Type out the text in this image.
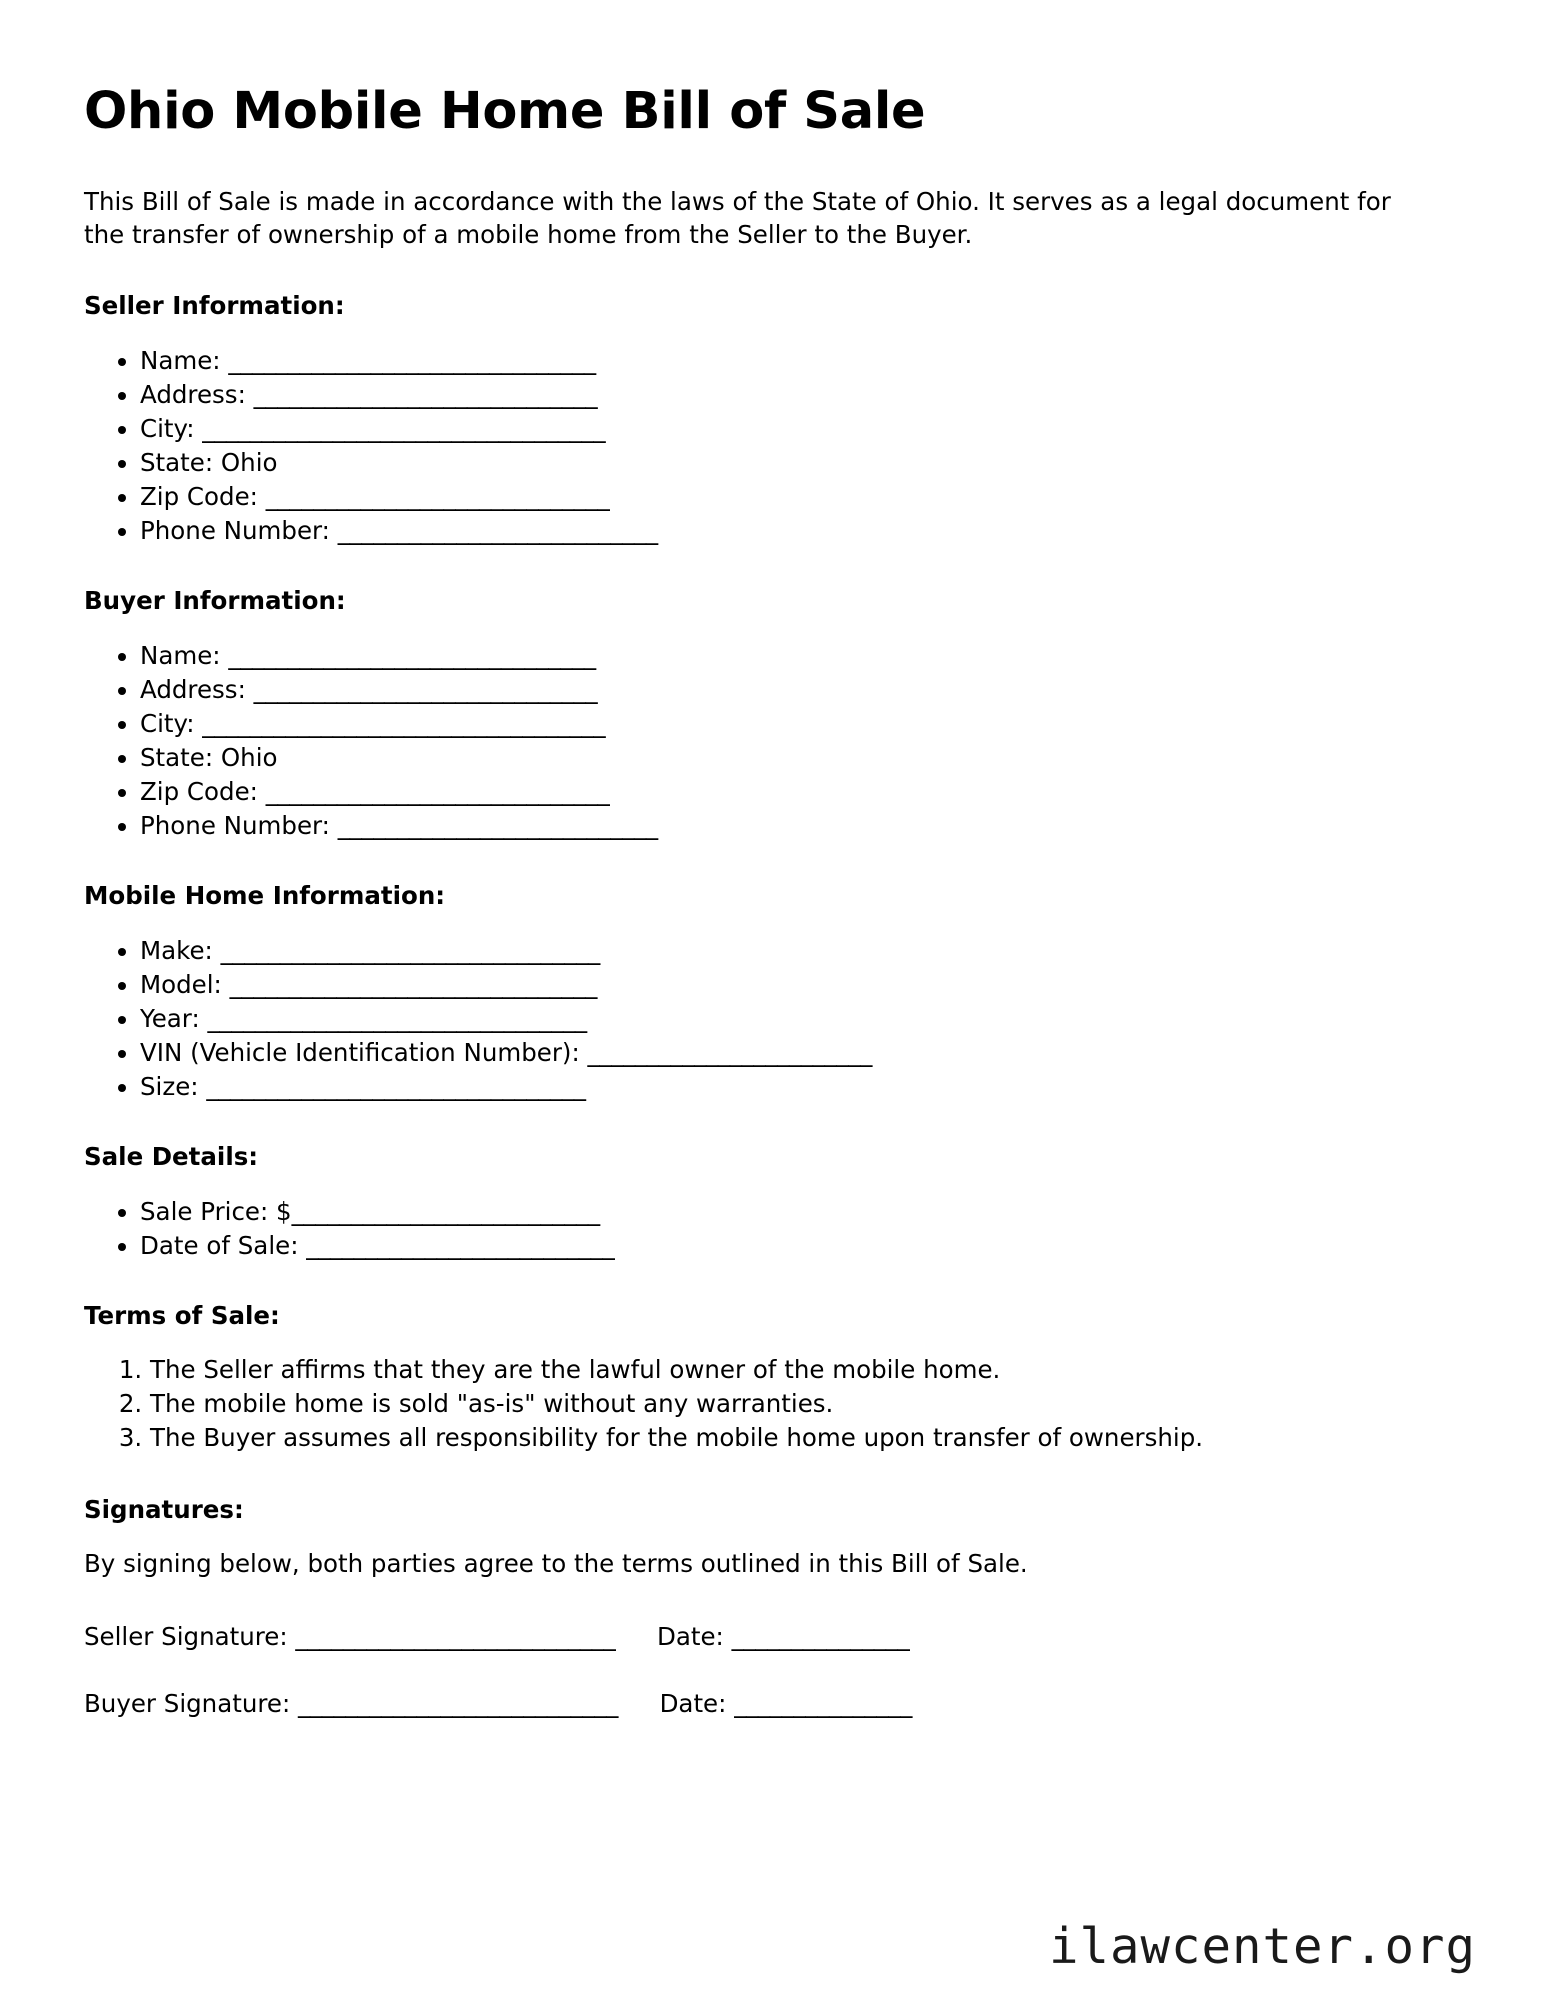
Ohio Mobile Home Bill of Sale

This Bill of Sale is made in accordance with the laws of the State of Ohio. It serves as a legal document for the transfer of ownership of a mobile home from the Seller to the Buyer.

Seller Information:
• Name: _______________________________
• Address: _____________________________
• City: __________________________________
• State: Ohio
• Zip Code: _____________________________
• Phone Number: ___________________________
Buyer Information:
• Name: _______________________________
• Address: _____________________________
• City: __________________________________
• State: Ohio
• Zip Code: _____________________________
• Phone Number: ___________________________
Mobile Home Information:
• Make: ________________________________
• Model: _______________________________
• Year: ________________________________
• VIN (Vehicle Identification Number): ________________________
• Size: ________________________________
Sale Details:
• Sale Price: $__________________________
• Date of Sale: __________________________
Terms of Sale:
1. The Seller affirms that they are the lawful owner of the mobile home.
2. The mobile home is sold "as-is" without any warranties.
3. The Buyer assumes all responsibility for the mobile home upon transfer of ownership.
Signatures:

By signing below, both parties agree to the terms outlined in this Bill of Sale.

Seller Signature: ___________________________ Date: _______________
Buyer Signature: ___________________________ Date: _______________
ilawcenter.org
